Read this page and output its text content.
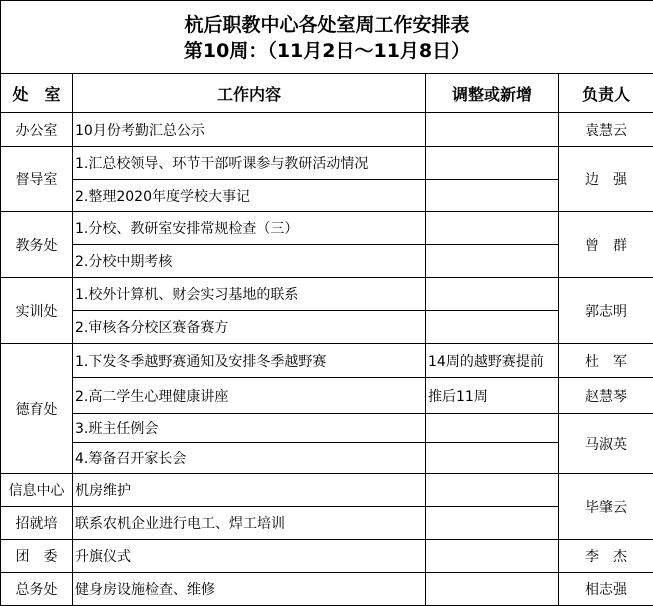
杭后职教中心各处室周工作安排表
第10周：（11月2日～11月8日）			

处　室	工作内容	调整或新增	负责人
办公室	10月份考勤汇总公示		袁慧云
督导室	1.汇总校领导、环节干部听课参与教研活动情况		边　强
	2.整理2020年度学校大事记		
教务处	1.分校、教研室安排常规检查（三）		曾　群
	2.分校中期考核		
实训处	1.校外计算机、财会实习基地的联系		郭志明
	2.审核各分校区赛备赛方		
德育处	1.下发冬季越野赛通知及安排冬季越野赛	14周的越野赛提前	杜　军
	2.高二学生心理健康讲座	推后11周	赵慧琴
	3.班主任例会		马淑英
	4.筹备召开家长会		
信息中心	机房维护		毕肇云
招就培	联系农机企业进行电工、焊工培训		
团　委	升旗仪式		李　杰
总务处	健身房设施检查、维修		相志强
